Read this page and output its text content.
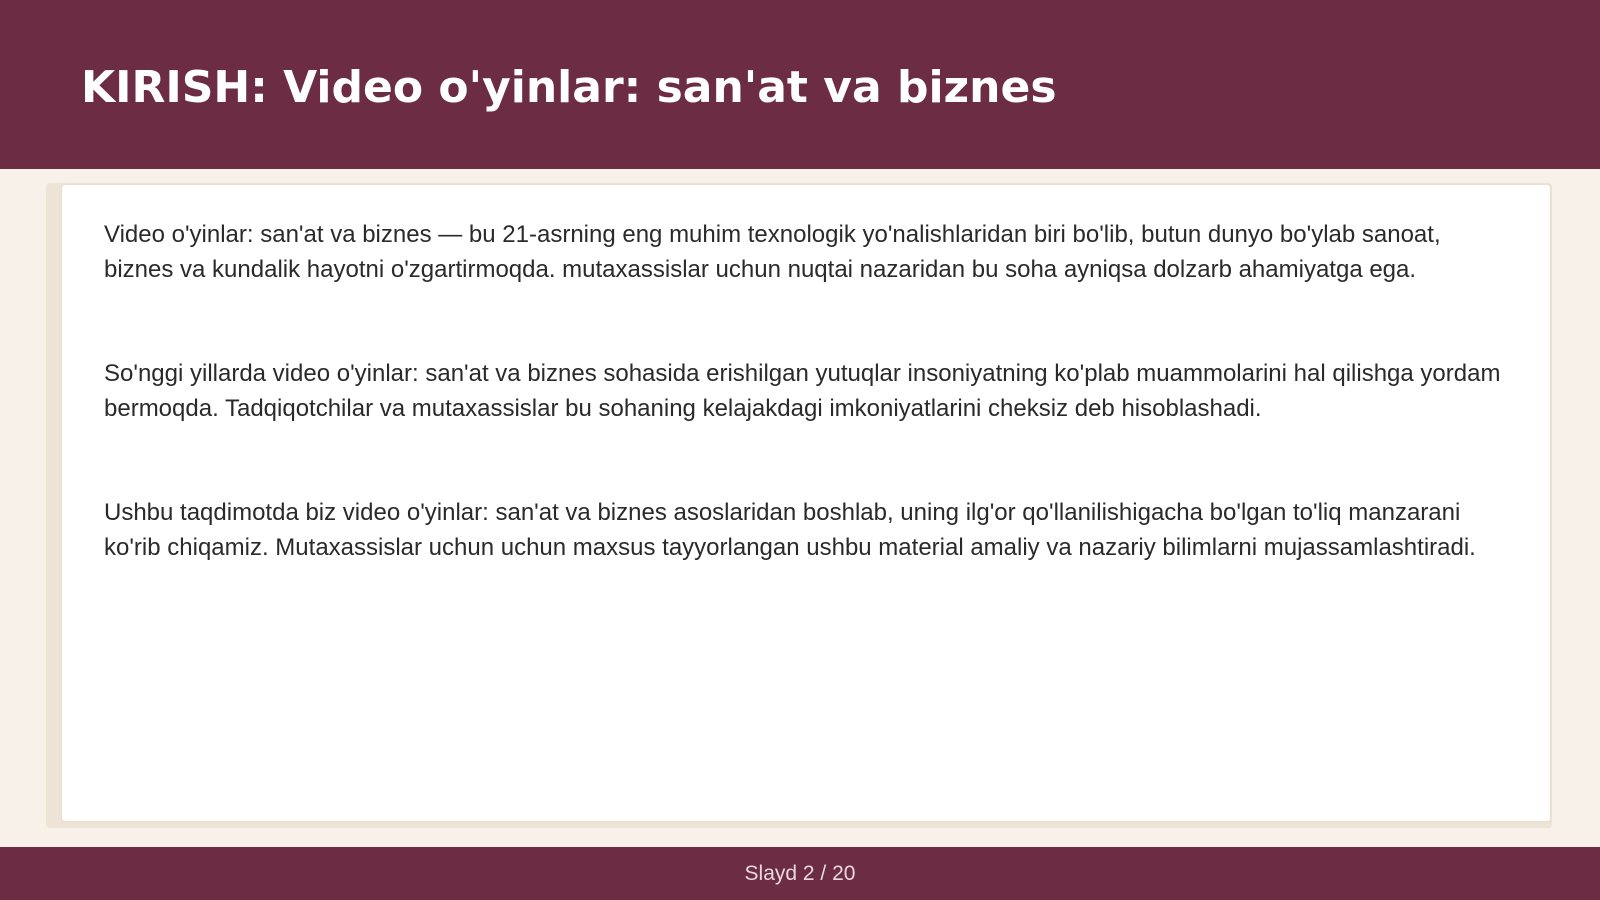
KIRISH: Video o'yinlar: san'at va biznes

Video o'yinlar: san'at va biznes — bu 21-asrning eng muhim texnologik yo'nalishlaridan biri bo'lib, butun dunyo bo'ylab sanoat, biznes va kundalik hayotni o'zgartirmoqda. mutaxassislar uchun nuqtai nazaridan bu soha ayniqsa dolzarb ahamiyatga ega.

So'nggi yillarda video o'yinlar: san'at va biznes sohasida erishilgan yutuqlar insoniyatning ko'plab muammolarini hal qilishga yordam bermoqda. Tadqiqotchilar va mutaxassislar bu sohaning kelajakdagi imkoniyatlarini cheksiz deb hisoblashadi.

Ushbu taqdimotda biz video o'yinlar: san'at va biznes asoslaridan boshlab, uning ilg'or qo'llanilishigacha bo'lgan to'liq manzarani ko'rib chiqamiz. Mutaxassislar uchun uchun maxsus tayyorlangan ushbu material amaliy va nazariy bilimlarni mujassamlashtiradi.

Slayd 2 / 20
